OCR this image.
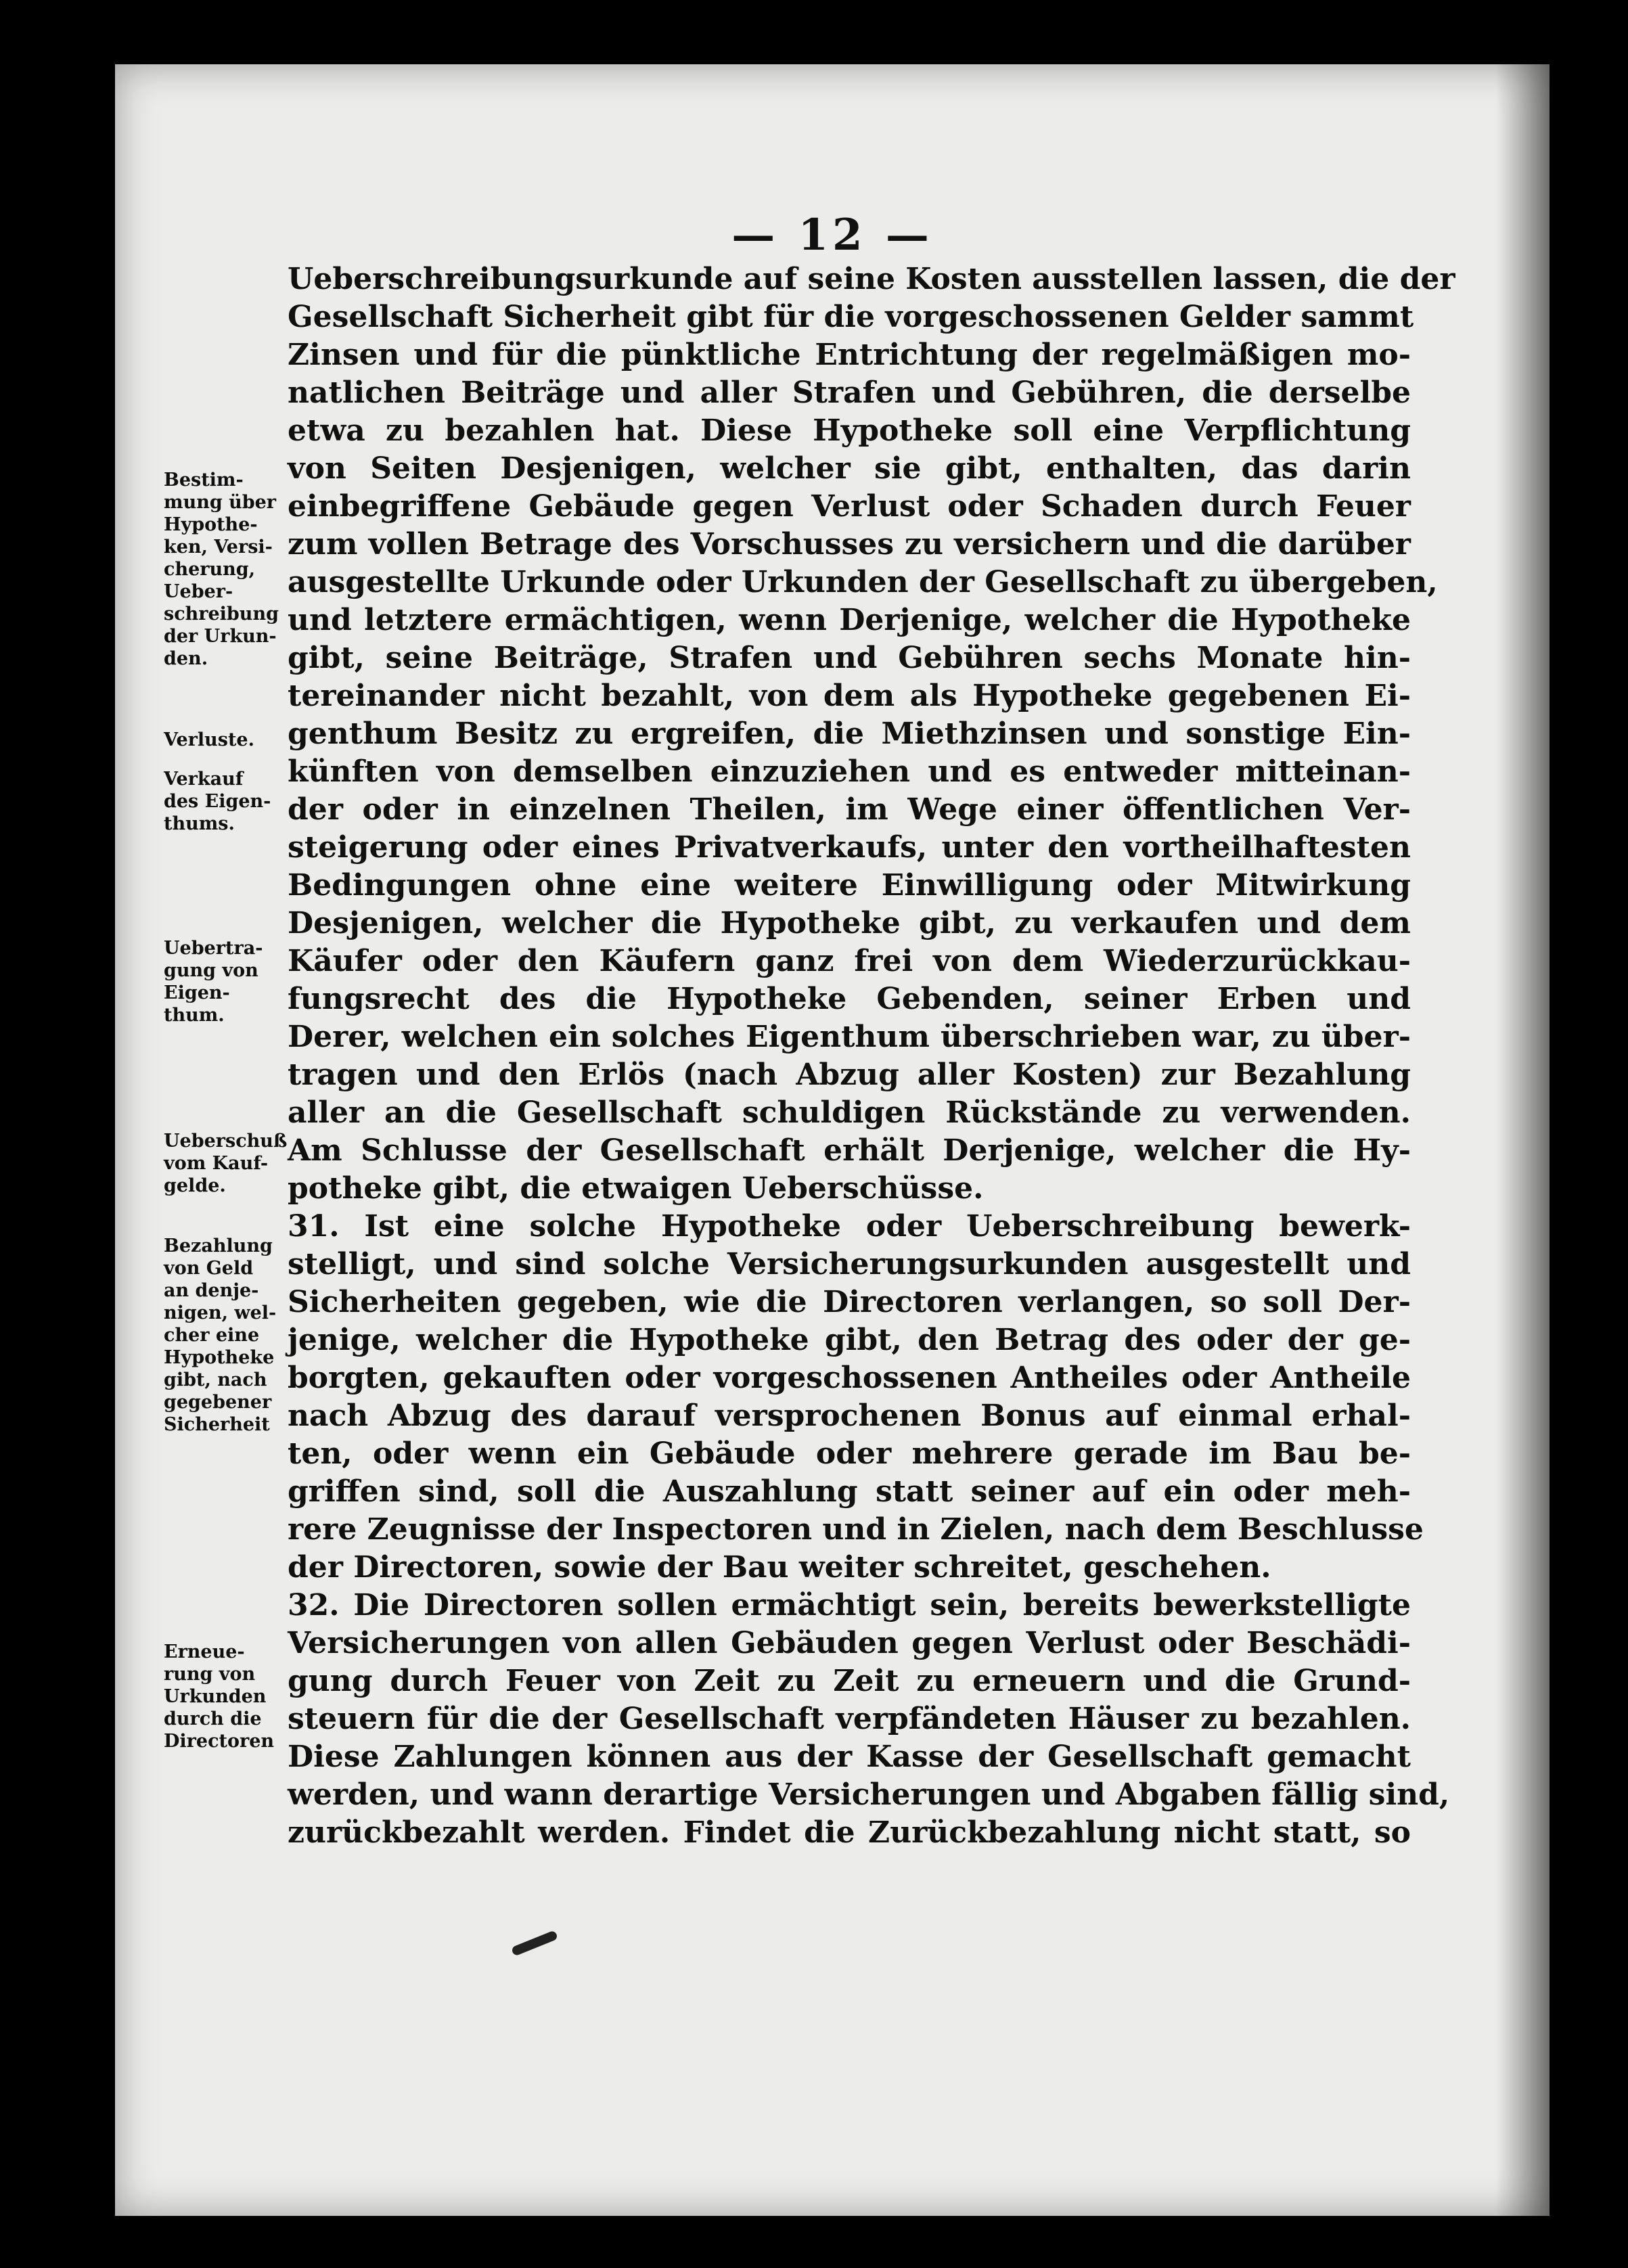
— 12 —
Ueberschreibungsurkunde auf seine Kosten ausstellen lassen, die der
Gesellschaft Sicherheit gibt für die vorgeschossenen Gelder sammt
Zinsen und für die pünktliche Entrichtung der regelmäßigen mo-
natlichen Beiträge und aller Strafen und Gebühren, die derselbe
etwa zu bezahlen hat. Diese Hypotheke soll eine Verpflichtung
von Seiten Desjenigen, welcher sie gibt, enthalten, das darin
einbegriffene Gebäude gegen Verlust oder Schaden durch Feuer
zum vollen Betrage des Vorschusses zu versichern und die darüber
ausgestellte Urkunde oder Urkunden der Gesellschaft zu übergeben,
und letztere ermächtigen, wenn Derjenige, welcher die Hypotheke
gibt, seine Beiträge, Strafen und Gebühren sechs Monate hin-
tereinander nicht bezahlt, von dem als Hypotheke gegebenen Ei-
genthum Besitz zu ergreifen, die Miethzinsen und sonstige Ein-
künften von demselben einzuziehen und es entweder mitteinan-
der oder in einzelnen Theilen, im Wege einer öffentlichen Ver-
steigerung oder eines Privatverkaufs, unter den vortheilhaftesten
Bedingungen ohne eine weitere Einwilligung oder Mitwirkung
Desjenigen, welcher die Hypotheke gibt, zu verkaufen und dem
Käufer oder den Käufern ganz frei von dem Wiederzurückkau-
fungsrecht des die Hypotheke Gebenden, seiner Erben und
Derer, welchen ein solches Eigenthum überschrieben war, zu über-
tragen und den Erlös (nach Abzug aller Kosten) zur Bezahlung
aller an die Gesellschaft schuldigen Rückstände zu verwenden.
Am Schlusse der Gesellschaft erhält Derjenige, welcher die Hy-
potheke gibt, die etwaigen Ueberschüsse.
31. Ist eine solche Hypotheke oder Ueberschreibung bewerk-
stelligt, und sind solche Versicherungsurkunden ausgestellt und
Sicherheiten gegeben, wie die Directoren verlangen, so soll Der-
jenige, welcher die Hypotheke gibt, den Betrag des oder der ge-
borgten, gekauften oder vorgeschossenen Antheiles oder Antheile
nach Abzug des darauf versprochenen Bonus auf einmal erhal-
ten, oder wenn ein Gebäude oder mehrere gerade im Bau be-
griffen sind, soll die Auszahlung statt seiner auf ein oder meh-
rere Zeugnisse der Inspectoren und in Zielen, nach dem Beschlusse
der Directoren, sowie der Bau weiter schreitet, geschehen.
32. Die Directoren sollen ermächtigt sein, bereits bewerkstelligte
Versicherungen von allen Gebäuden gegen Verlust oder Beschädi-
gung durch Feuer von Zeit zu Zeit zu erneuern und die Grund-
steuern für die der Gesellschaft verpfändeten Häuser zu bezahlen.
Diese Zahlungen können aus der Kasse der Gesellschaft gemacht
werden, und wann derartige Versicherungen und Abgaben fällig sind,
zurückbezahlt werden. Findet die Zurückbezahlung nicht statt, so
Bestim-
mung über
Hypothe-
ken, Versi-
cherung,
Ueber-
schreibung
der Urkun-
den.
Verluste.
Verkauf
des Eigen-
thums.
Uebertra-
gung von
Eigen-
thum.
Ueberschuß
vom Kauf-
gelde.
Bezahlung
von Geld
an denje-
nigen, wel-
cher eine
Hypotheke
gibt, nach
gegebener
Sicherheit
Erneue-
rung von
Urkunden
durch die
Directoren
